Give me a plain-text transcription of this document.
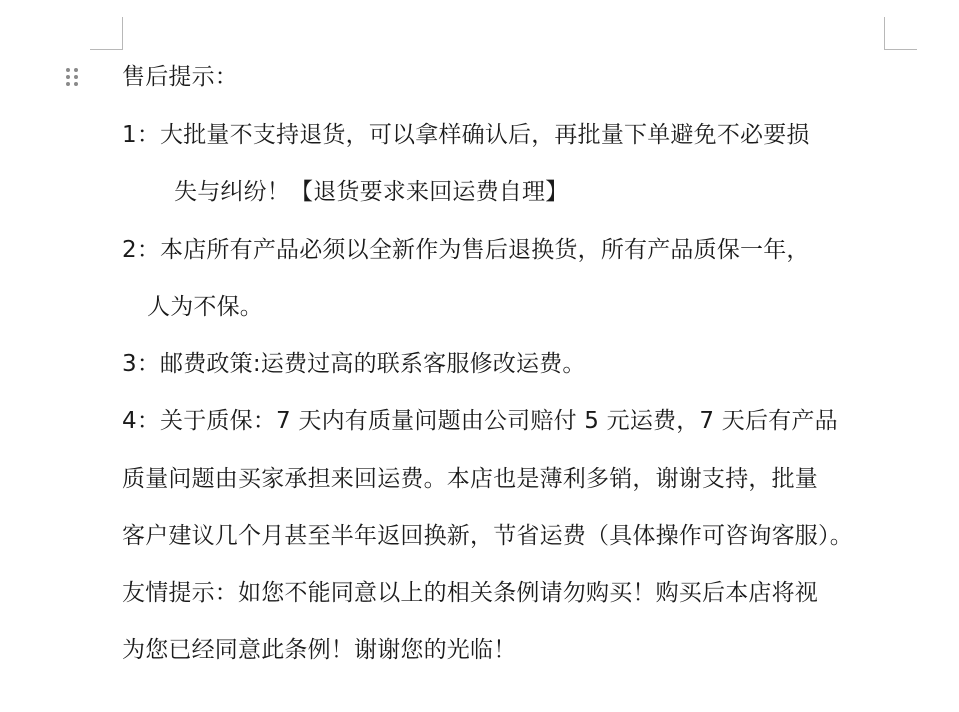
售后提示：
1：大批量不支持退货，可以拿样确认后，再批量下单避免不必要损
失与纠纷！【退货要求来回运费自理】
2：本店所有产品必须以全新作为售后退换货，所有产品质保一年，
人为不保。
3：邮费政策:运费过高的联系客服修改运费。
4：关于质保：7 天内有质量问题由公司赔付 5 元运费，7 天后有产品
质量问题由买家承担来回运费。本店也是薄利多销，谢谢支持，批量
客户建议几个月甚至半年返回换新，节省运费（具体操作可咨询客服）。
友情提示：如您不能同意以上的相关条例请勿购买！购买后本店将视
为您已经同意此条例！谢谢您的光临！
